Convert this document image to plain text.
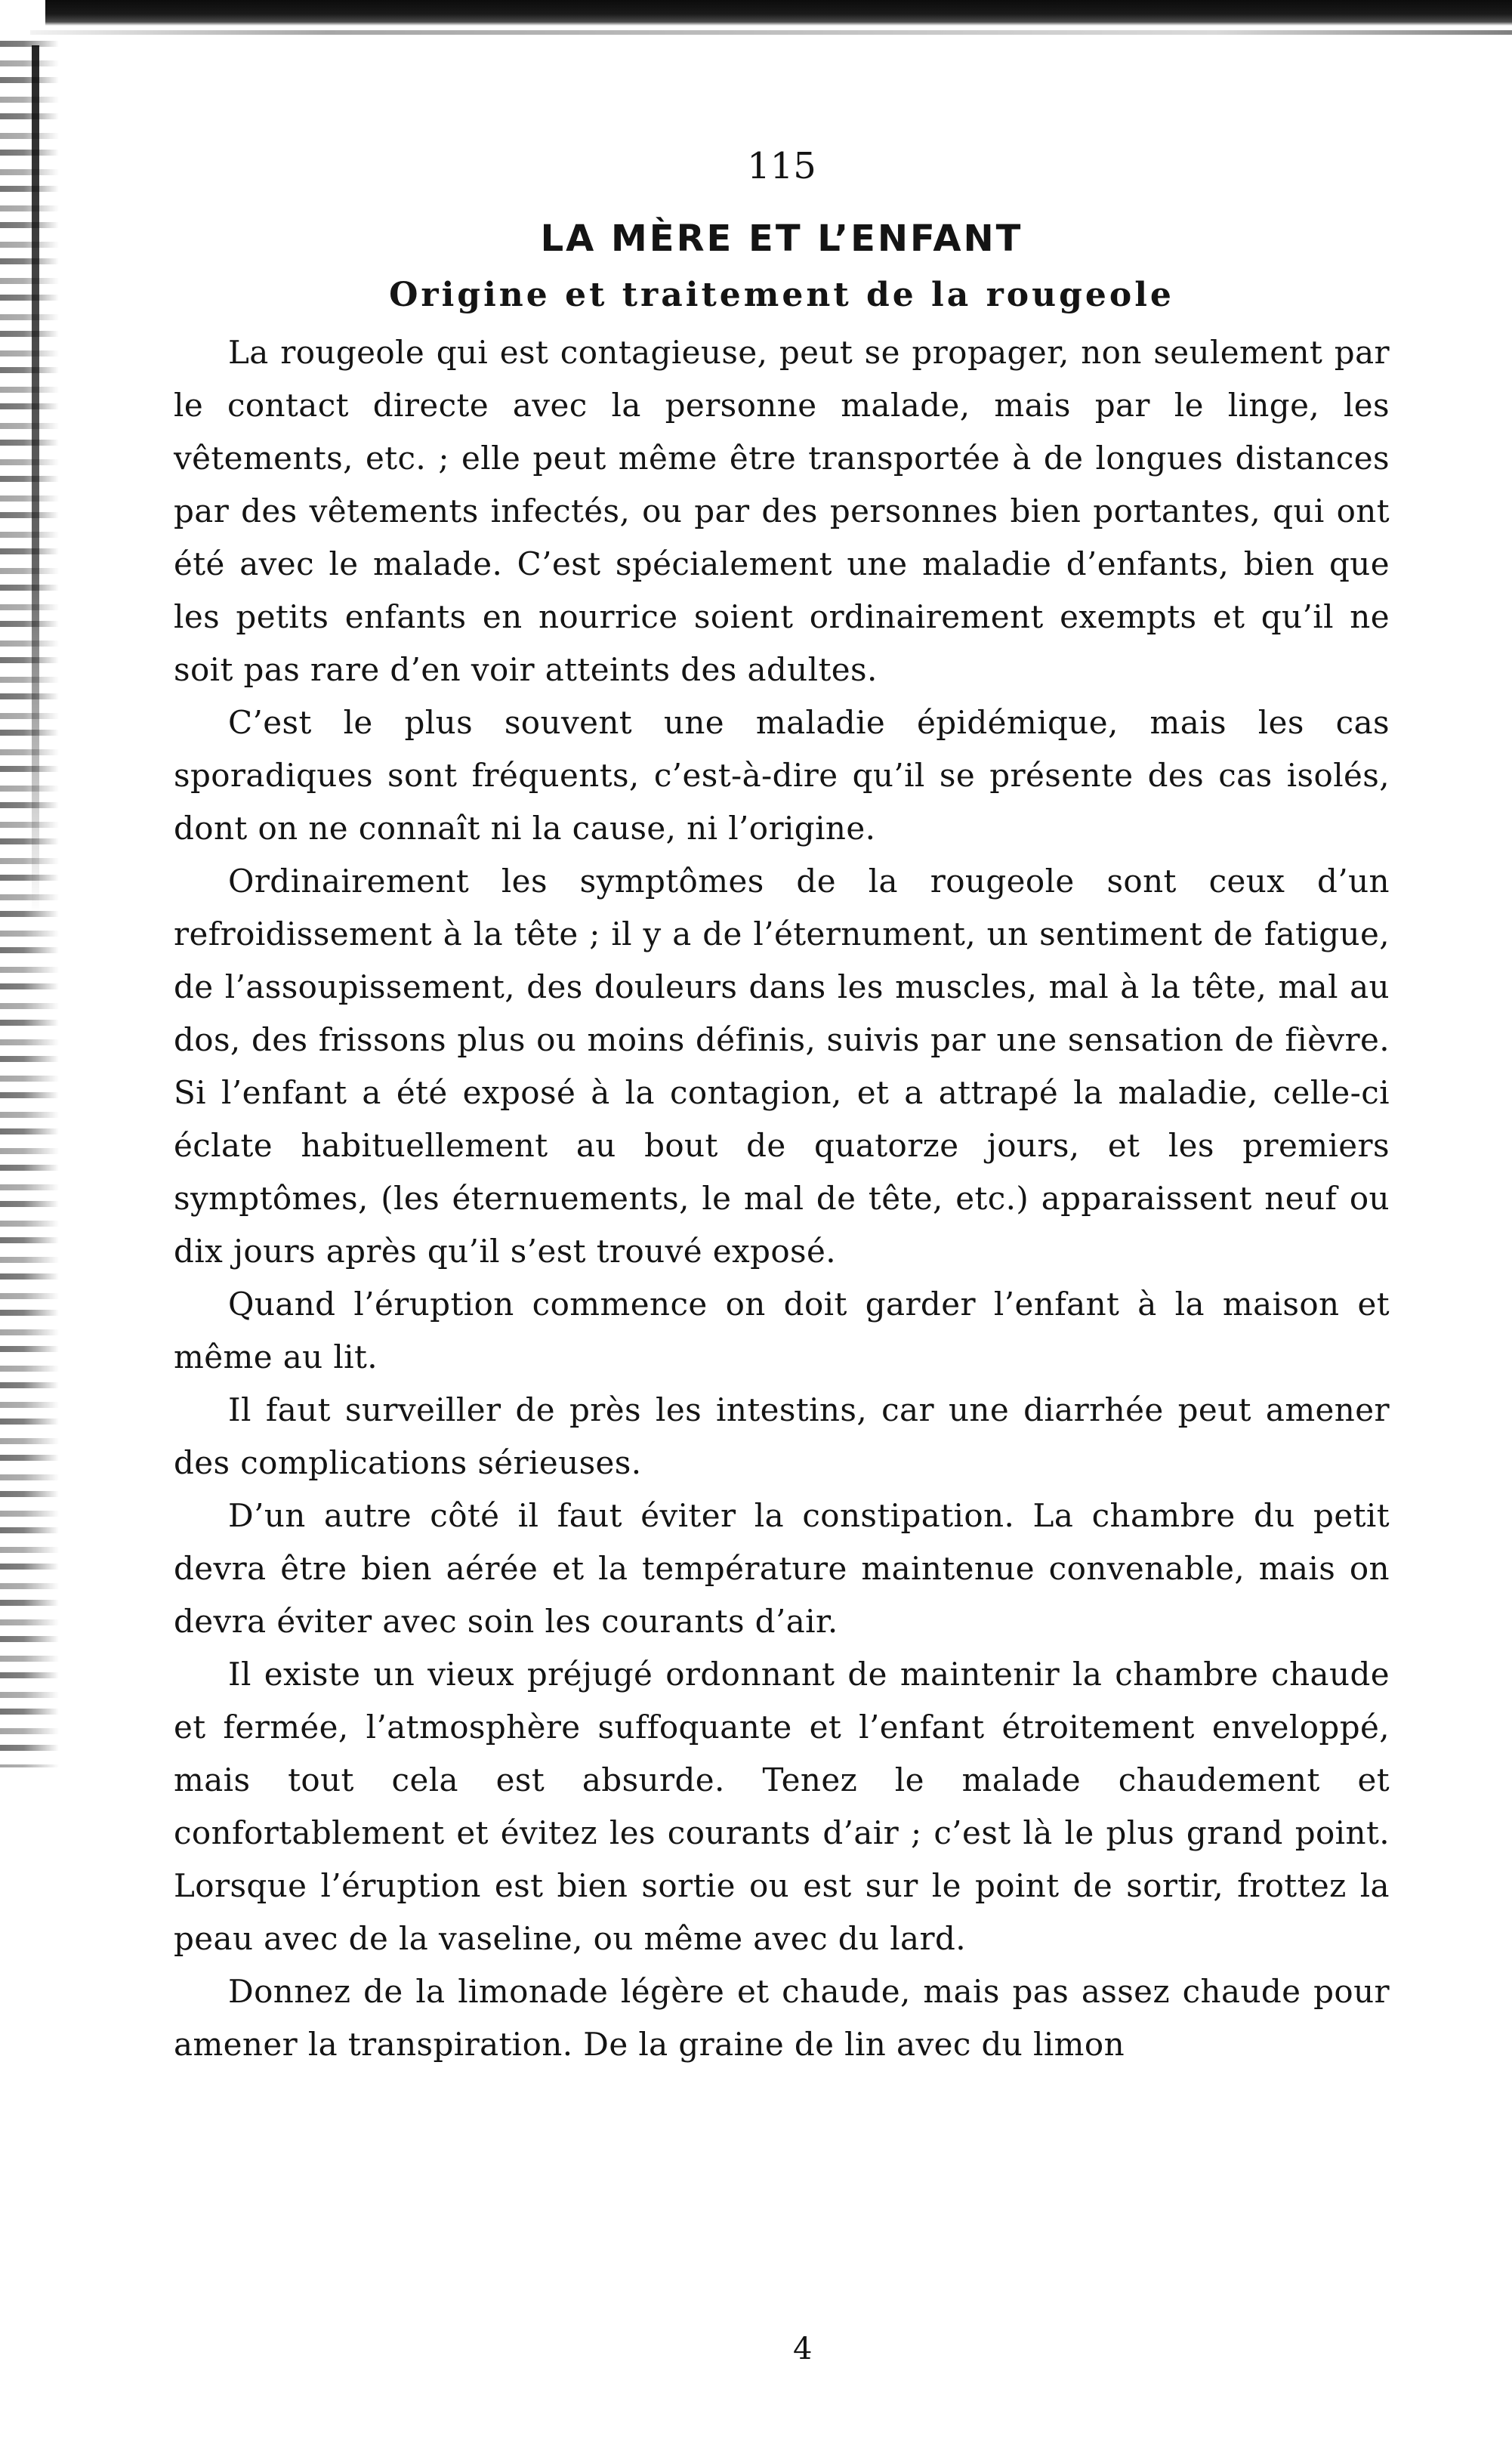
115
LA MÈRE ET L’ENFANT
Origine et traitement de la rougeole

La rougeole qui est contagieuse, peut se propager, non seulement par le contact directe avec la personne malade, mais par le linge, les vêtements, etc. ; elle peut même être transportée à de longues distances par des vêtements infectés, ou par des personnes bien portantes, qui ont été avec le malade. C’est spécialement une maladie d’enfants, bien que les petits enfants en nourrice soient ordinairement exempts et qu’il ne soit pas rare d’en voir atteints des adultes.

C’est le plus souvent une maladie épidémique, mais les cas sporadiques sont fréquents, c’est-à-dire qu’il se présente des cas isolés, dont on ne connaît ni la cause, ni l’origine.

Ordinairement les symptômes de la rougeole sont ceux d’un refroidissement à la tête ; il y a de l’éternument, un sentiment de fatigue, de l’assoupissement, des douleurs dans les muscles, mal à la tête, mal au dos, des frissons plus ou moins définis, suivis par une sensation de fièvre. Si l’enfant a été exposé à la contagion, et a attrapé la maladie, celle-ci éclate habituellement au bout de quatorze jours, et les premiers symptômes, (les éternuements, le mal de tête, etc.) apparaissent neuf ou dix jours après qu’il s’est trouvé exposé.

Quand l’éruption commence on doit garder l’enfant à la maison et même au lit.

Il faut surveiller de près les intestins, car une diarrhée peut amener des complications sérieuses.

D’un autre côté il faut éviter la constipation. La chambre du petit devra être bien aérée et la température maintenue convenable, mais on devra éviter avec soin les courants d’air.

Il existe un vieux préjugé ordonnant de maintenir la chambre chaude et fermée, l’atmosphère suffoquante et l’enfant étroitement enveloppé, mais tout cela est absurde. Tenez le malade chaudement et confortablement et évitez les courants d’air ; c’est là le plus grand point. Lorsque l’éruption est bien sortie ou est sur le point de sortir, frottez la peau avec de la vaseline, ou même avec du lard.

Donnez de la limonade légère et chaude, mais pas assez chaude pour amener la transpiration. De la graine de lin avec du limon

4
